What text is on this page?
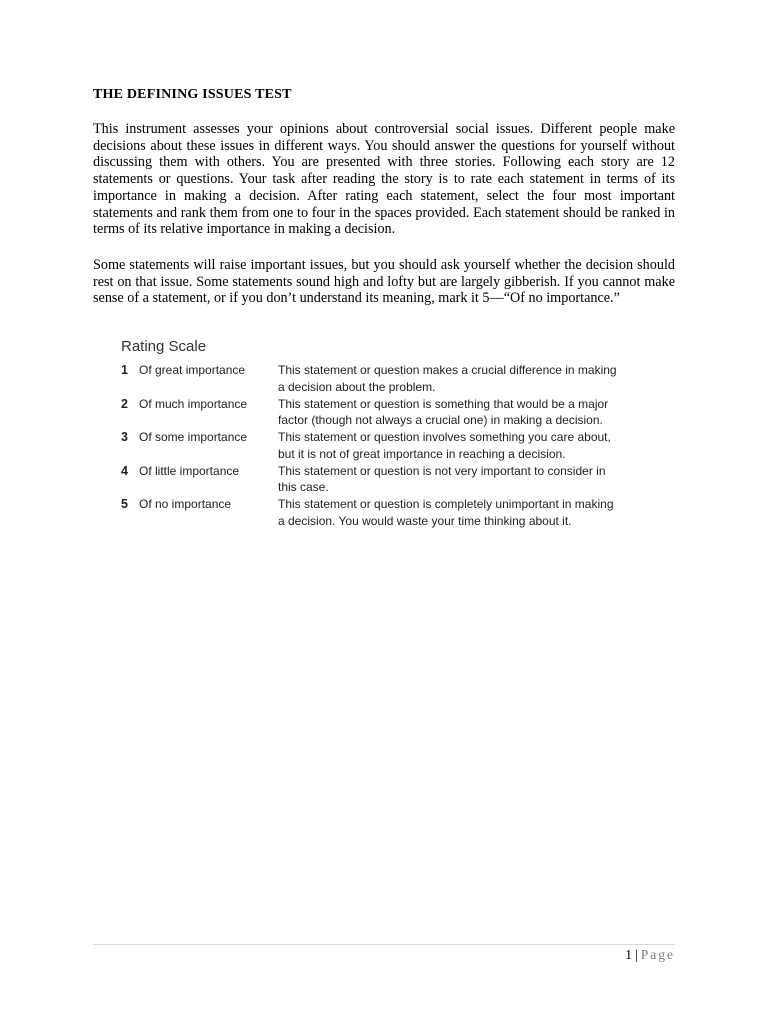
THE DEFINING ISSUES TEST

This instrument assesses your opinions about controversial social issues. Different people make decisions about these issues in different ways. You should answer the questions for yourself without discussing them with others. You are presented with three stories. Following each story are 12 statements or questions. Your task after reading the story is to rate each statement in terms of its importance in making a decision. After rating each statement, select the four most important statements and rank them from one to four in the spaces provided. Each statement should be ranked in terms of its relative importance in making a decision.

Some statements will raise important issues, but you should ask yourself whether the decision should rest on that issue. Some statements sound high and lofty but are largely gibberish. If you cannot make sense of a statement, or if you don’t understand its meaning, mark it 5—“Of no importance.”

Rating Scale
1 Of great importance	This statement or question makes a crucial difference in making a decision about the problem.
2 Of much importance	This statement or question is something that would be a major factor (though not always a crucial one) in making a decision.
3 Of some importance	This statement or question involves something you care about, but it is not of great importance in reaching a decision.
4 Of little importance	This statement or question is not very important to consider in this case.
5 Of no importance	This statement or question is completely unimportant in making a decision. You would waste your time thinking about it.
1 | Page
